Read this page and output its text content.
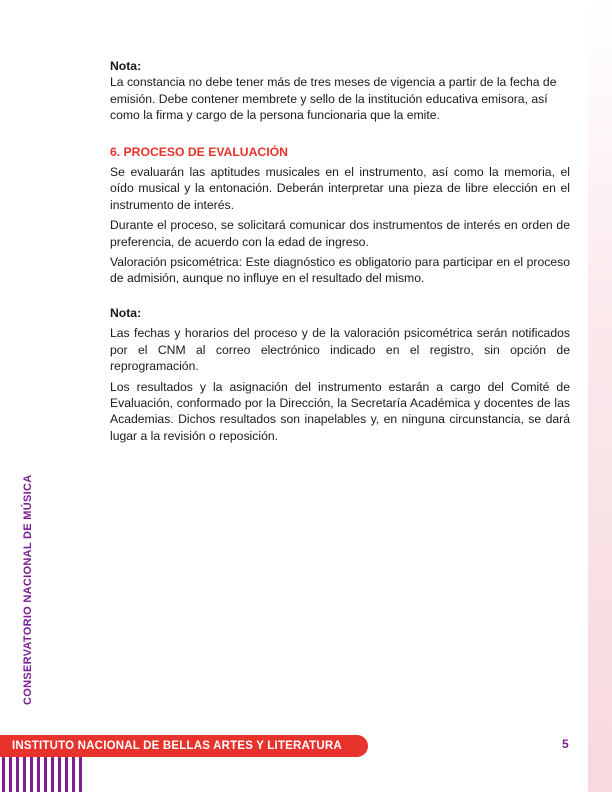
Nota:

La constancia no debe tener más de tres meses de vigencia a partir de la fecha de emisión. Debe contener membrete y sello de la institución educativa emisora, así como la firma y cargo de la persona funcionaria que la emite.

6. PROCESO DE EVALUACIÓN

Se evaluarán las aptitudes musicales en el instrumento, así como la memoria, el oído musical y la entonación. Deberán interpretar una pieza de libre elección en el instrumento de interés.

Durante el proceso, se solicitará comunicar dos instrumentos de interés en orden de preferencia, de acuerdo con la edad de ingreso.

Valoración psicométrica: Este diagnóstico es obligatorio para participar en el proceso de admisión, aunque no influye en el resultado del mismo.

Nota:

Las fechas y horarios del proceso y de la valoración psicométrica serán notificados por el CNM al correo electrónico indicado en el registro, sin opción de reprogramación.

Los resultados y la asignación del instrumento estarán a cargo del Comité de Evaluación, conformado por la Dirección, la Secretaría Académica y docentes de las Academias. Dichos resultados son inapelables y, en ninguna circunstancia, se dará lugar a la revisión o reposición.

CONSERVATORIO NACIONAL DE MÚSICA
INSTITUTO NACIONAL DE BELLAS ARTES Y LITERATURA	5
